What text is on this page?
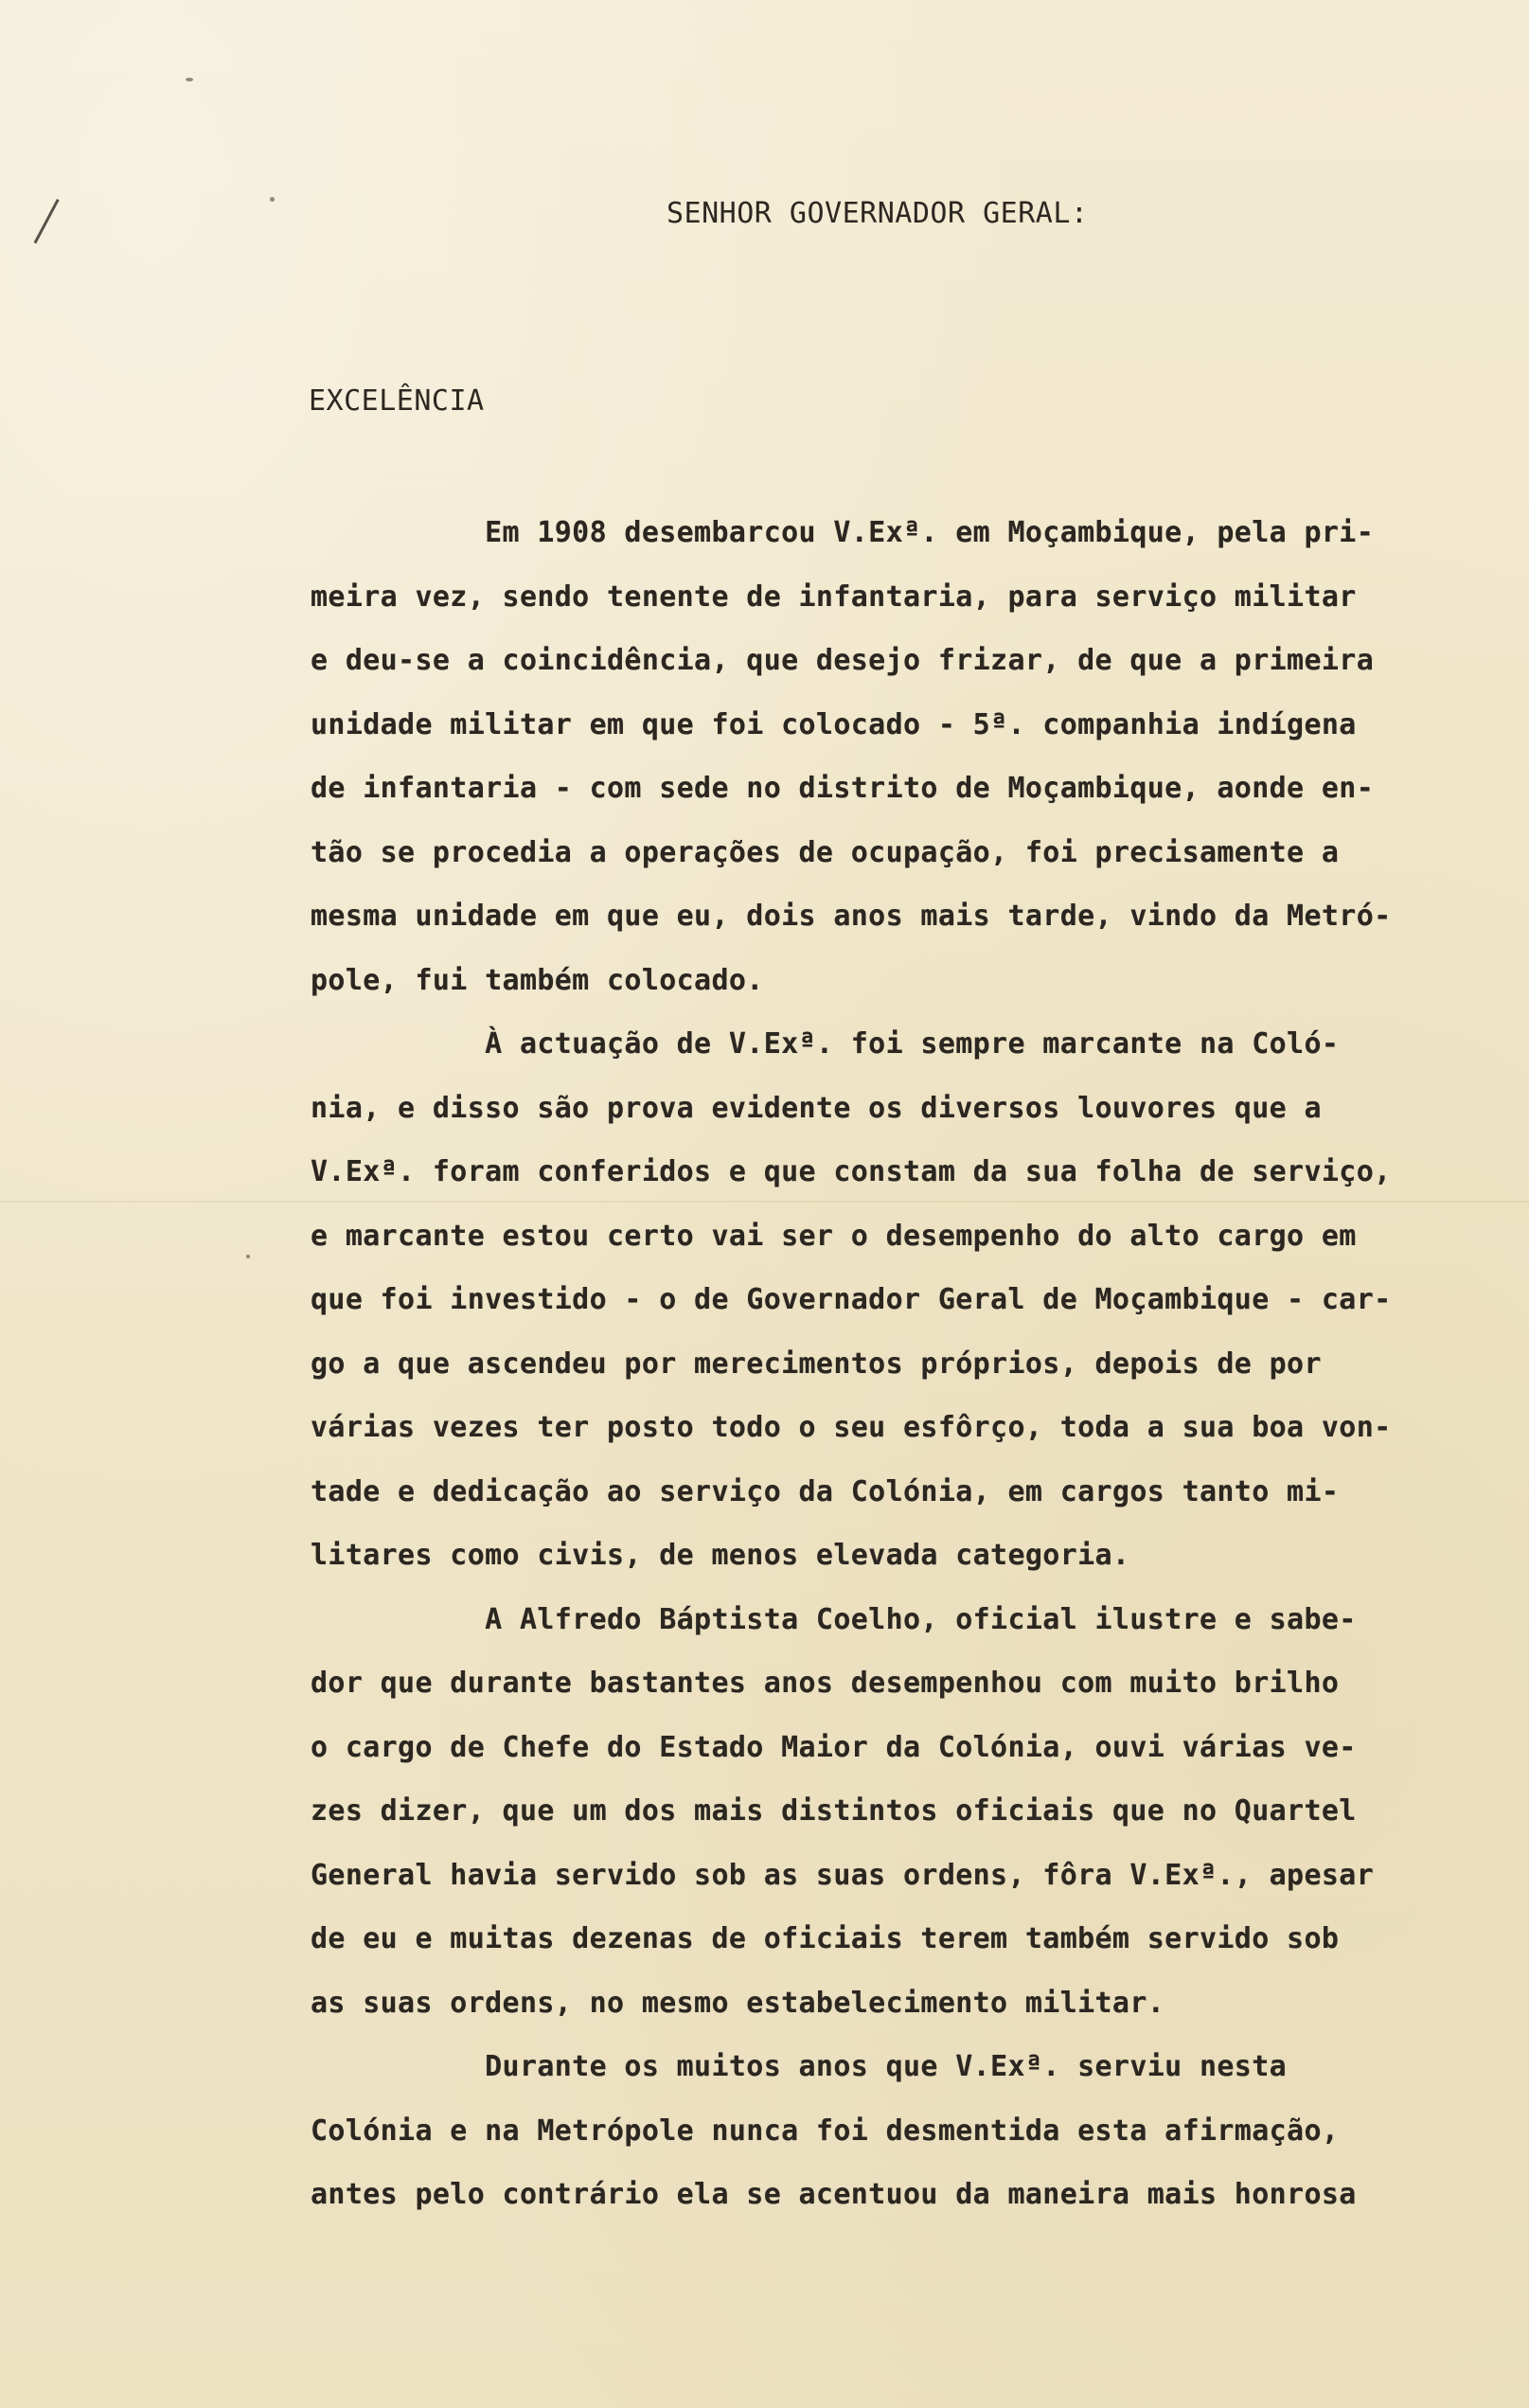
SENHOR GOVERNADOR GERAL:
EXCELÊNCIA
Em 1908 desembarcou V.Exª. em Moçambique, pela pri-
meira vez, sendo tenente de infantaria, para serviço militar
e deu-se a coincidência, que desejo frizar, de que a primeira
unidade militar em que foi colocado - 5ª. companhia indígena
de infantaria - com sede no distrito de Moçambique, aonde en-
tão se procedia a operações de ocupação, foi precisamente a
mesma unidade em que eu, dois anos mais tarde, vindo da Metró-
pole, fui também colocado.
À actuação de V.Exª. foi sempre marcante na Coló-
nia, e disso são prova evidente os diversos louvores que a
V.Exª. foram conferidos e que constam da sua folha de serviço,
e marcante estou certo vai ser o desempenho do alto cargo em
que foi investido - o de Governador Geral de Moçambique - car-
go a que ascendeu por merecimentos próprios, depois de por
várias vezes ter posto todo o seu esfôrço, toda a sua boa von-
tade e dedicação ao serviço da Colónia, em cargos tanto mi-
litares como civis, de menos elevada categoria.
A Alfredo Báptista Coelho, oficial ilustre e sabe-
dor que durante bastantes anos desempenhou com muito brilho
o cargo de Chefe do Estado Maior da Colónia, ouvi várias ve-
zes dizer, que um dos mais distintos oficiais que no Quartel
General havia servido sob as suas ordens, fôra V.Exª., apesar
de eu e muitas dezenas de oficiais terem também servido sob
as suas ordens, no mesmo estabelecimento militar.
Durante os muitos anos que V.Exª. serviu nesta
Colónia e na Metrópole nunca foi desmentida esta afirmação,
antes pelo contrário ela se acentuou da maneira mais honrosa
